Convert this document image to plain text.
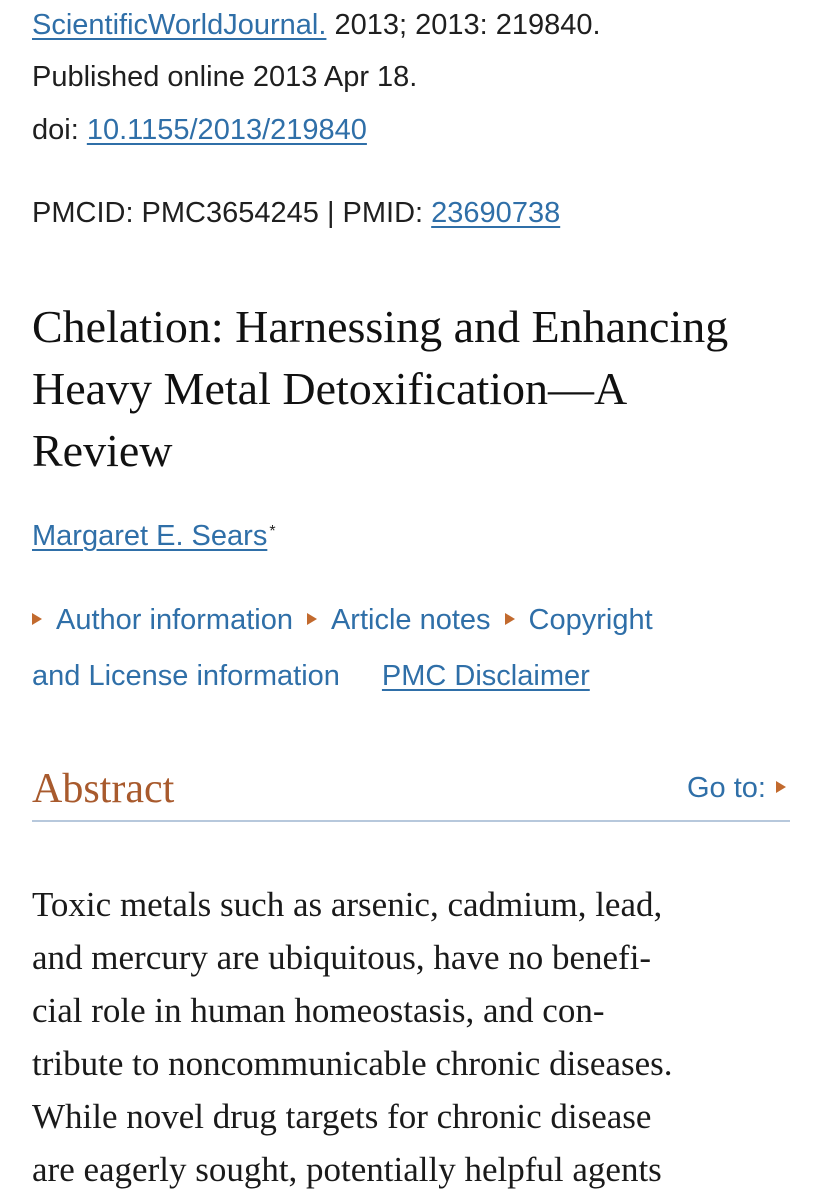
ScientificWorldJournal. 2013; 2013: 219840.
Published online 2013 Apr 18.
doi: 10.1155/2013/219840
PMCID: PMC3654245 | PMID: 23690738
Chelation: Harnessing and Enhancing
Heavy Metal Detoxification—A
Review
Margaret E. Sears *
Author information Article notes Copyright
and License information PMC Disclaimer
Abstract	Go to:

Toxic metals such as arsenic, cadmium, lead,
and mercury are ubiquitous, have no benefi-
cial role in human homeostasis, and con-
tribute to noncommunicable chronic diseases.
While novel drug targets for chronic disease
are eagerly sought, potentially helpful agents
